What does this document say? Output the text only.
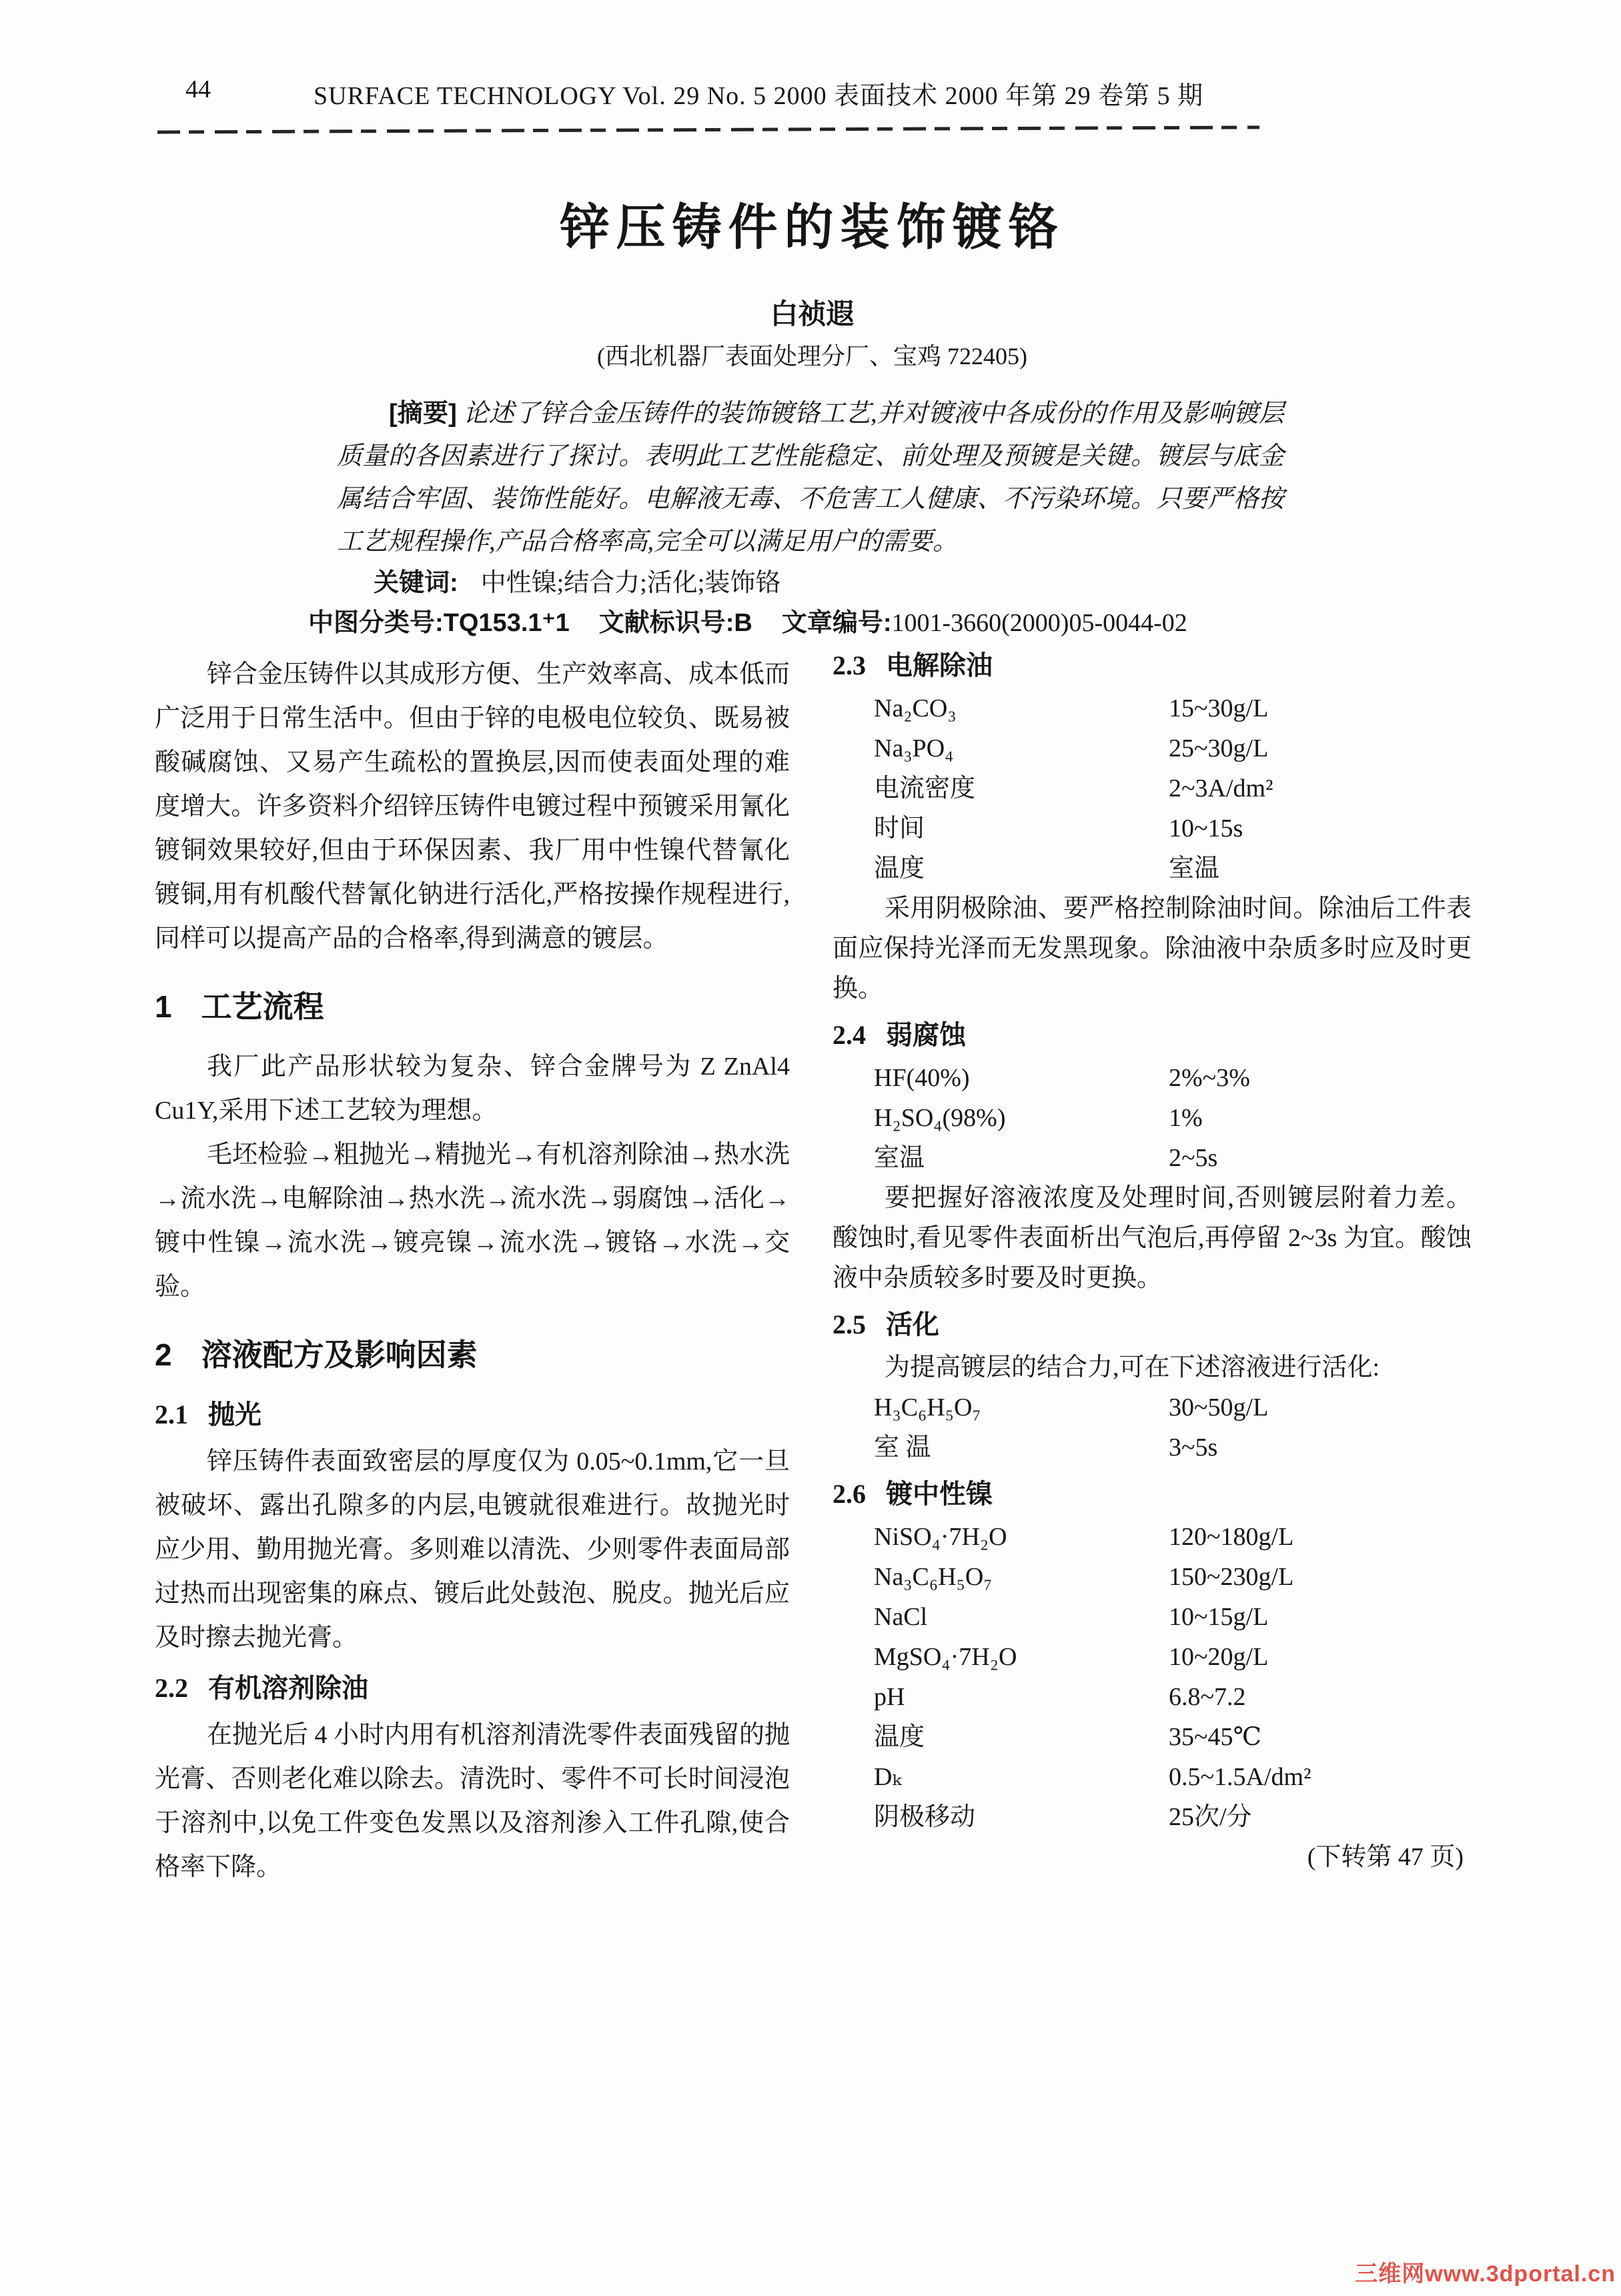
44	SURFACE TECHNOLOGY Vol. 29 No. 5 2000 表面技术 2000 年第 29 卷第 5 期
锌压铸件的装饰镀铬
白祯遐
(西北机器厂表面处理分厂、宝鸡 722405)

[摘要] 论述了锌合金压铸件的装饰镀铬工艺,并对镀液中各成份的作用及影响镀层质量的各因素进行了探讨。表明此工艺性能稳定、前处理及预镀是关键。镀层与底金属结合牢固、装饰性能好。电解液无毒、不危害工人健康、不污染环境。只要严格按工艺规程操作,产品合格率高,完全可以满足用户的需要。

关键词: 中性镍;结合力;活化;装饰铬
中图分类号:TQ153.1⁺1 文献标识号:B 文章编号:1001-3660(2000)05-0044-02

锌合金压铸件以其成形方便、生产效率高、成本低而广泛用于日常生活中。但由于锌的电极电位较负、既易被酸碱腐蚀、又易产生疏松的置换层,因而使表面处理的难度增大。许多资料介绍锌压铸件电镀过程中预镀采用氰化镀铜效果较好,但由于环保因素、我厂用中性镍代替氰化镀铜,用有机酸代替氰化钠进行活化,严格按操作规程进行,同样可以提高产品的合格率,得到满意的镀层。

1 工艺流程

我厂此产品形状较为复杂、锌合金牌号为 Z ZnAl4 Cu1Y,采用下述工艺较为理想。

毛坯检验→粗抛光→精抛光→有机溶剂除油→热水洗→流水洗→电解除油→热水洗→流水洗→弱腐蚀→活化→镀中性镍→流水洗→镀亮镍→流水洗→镀铬→水洗→交验。

2 溶液配方及影响因素
2.1 抛光

锌压铸件表面致密层的厚度仅为 0.05~0.1mm,它一旦被破坏、露出孔隙多的内层,电镀就很难进行。故抛光时应少用、勤用抛光膏。多则难以清洗、少则零件表面局部过热而出现密集的麻点、镀后此处鼓泡、脱皮。抛光后应及时擦去抛光膏。

2.2 有机溶剂除油

在抛光后 4 小时内用有机溶剂清洗零件表面残留的抛光膏、否则老化难以除去。清洗时、零件不可长时间浸泡于溶剂中,以免工件变色发黑以及溶剂渗入工件孔隙,使合格率下降。

2.3 电解除油
Na₂CO₃	15~30g/L
Na₃PO₄	25~30g/L
电流密度	2~3A/dm²
时间	10~15s
温度	室温

采用阴极除油、要严格控制除油时间。除油后工件表面应保持光泽而无发黑现象。除油液中杂质多时应及时更换。

2.4 弱腐蚀
HF(40%)	2%~3%
H₂SO₄(98%)	1%
室温	2~5s

要把握好溶液浓度及处理时间,否则镀层附着力差。酸蚀时,看见零件表面析出气泡后,再停留 2~3s 为宜。酸蚀液中杂质较多时要及时更换。

2.5 活化

为提高镀层的结合力,可在下述溶液进行活化:

H₃C₆H₅O₇	30~50g/L
室 温	3~5s
2.6 镀中性镍
NiSO₄·7H₂O	120~180g/L
Na₃C₆H₅O₇	150~230g/L
NaCl	10~15g/L
MgSO₄·7H₂O	10~20g/L
pH	6.8~7.2
温度	35~45℃
Dₖ	0.5~1.5A/dm²
阴极移动	25次/分

(下转第 47 页)

三维网www.3dportal.cn
